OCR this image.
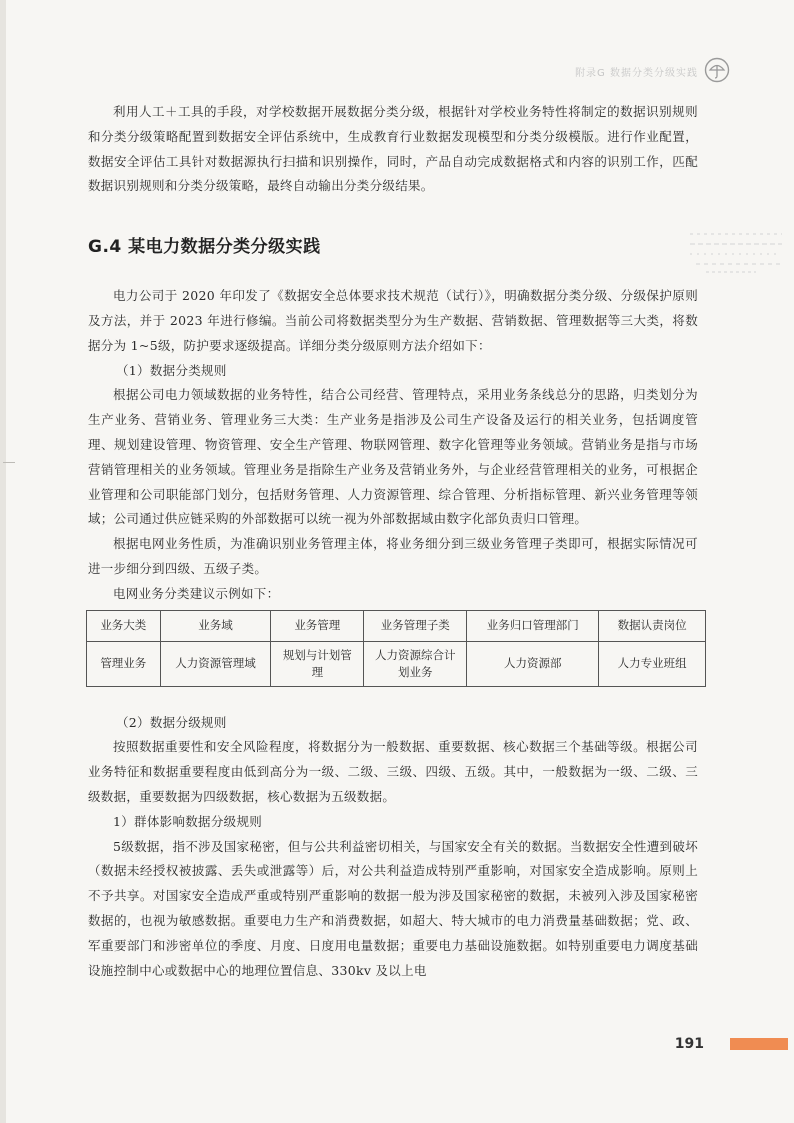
附录G 数据分类分级实践

利用人工＋工具的手段，对学校数据开展数据分类分级，根据针对学校业务特性将制定的数据识别规则和分类分级策略配置到数据安全评估系统中，生成教育行业数据发现模型和分类分级模版。进行作业配置，数据安全评估工具针对数据源执行扫描和识别操作，同时，产品自动完成数据格式和内容的识别工作，匹配数据识别规则和分类分级策略，最终自动输出分类分级结果。

G.4 某电力数据分类分级实践

电力公司于 2020 年印发了《数据安全总体要求技术规范（试行）》，明确数据分类分级、分级保护原则及方法，并于 2023 年进行修编。当前公司将数据类型分为生产数据、营销数据、管理数据等三大类，将数据分为 1~5级，防护要求逐级提高。详细分类分级原则方法介绍如下：

（1）数据分类规则

根据公司电力领域数据的业务特性，结合公司经营、管理特点，采用业务条线总分的思路，归类划分为生产业务、营销业务、管理业务三大类：生产业务是指涉及公司生产设备及运行的相关业务，包括调度管理、规划建设管理、物资管理、安全生产管理、物联网管理、数字化管理等业务领域。营销业务是指与市场营销管理相关的业务领域。管理业务是指除生产业务及营销业务外，与企业经营管理相关的业务，可根据企业管理和公司职能部门划分，包括财务管理、人力资源管理、综合管理、分析指标管理、新兴业务管理等领域；公司通过供应链采购的外部数据可以统一视为外部数据域由数字化部负责归口管理。

根据电网业务性质，为准确识别业务管理主体，将业务细分到三级业务管理子类即可，根据实际情况可进一步细分到四级、五级子类。

电网业务分类建议示例如下：

业务大类	业务域	业务管理	业务管理子类	业务归口管理部门	数据认责岗位
管理业务	人力资源管理域	规划与计划管理	人力资源综合计划业务	人力资源部	人力专业班组

（2）数据分级规则

按照数据重要性和安全风险程度，将数据分为一般数据、重要数据、核心数据三个基础等级。根据公司业务特征和数据重要程度由低到高分为一级、二级、三级、四级、五级。其中，一般数据为一级、二级、三级数据，重要数据为四级数据，核心数据为五级数据。

1）群体影响数据分级规则

5级数据，指不涉及国家秘密，但与公共利益密切相关，与国家安全有关的数据。当数据安全性遭到破坏（数据未经授权被披露、丢失或泄露等）后，对公共利益造成特别严重影响，对国家安全造成影响。原则上不予共享。对国家安全造成严重或特别严重影响的数据一般为涉及国家秘密的数据，未被列入涉及国家秘密数据的，也视为敏感数据。重要电力生产和消费数据，如超大、特大城市的电力消费量基础数据；党、政、军重要部门和涉密单位的季度、月度、日度用电量数据；重要电力基础设施数据。如特别重要电力调度基础设施控制中心或数据中心的地理位置信息、330kv 及以上电

191
